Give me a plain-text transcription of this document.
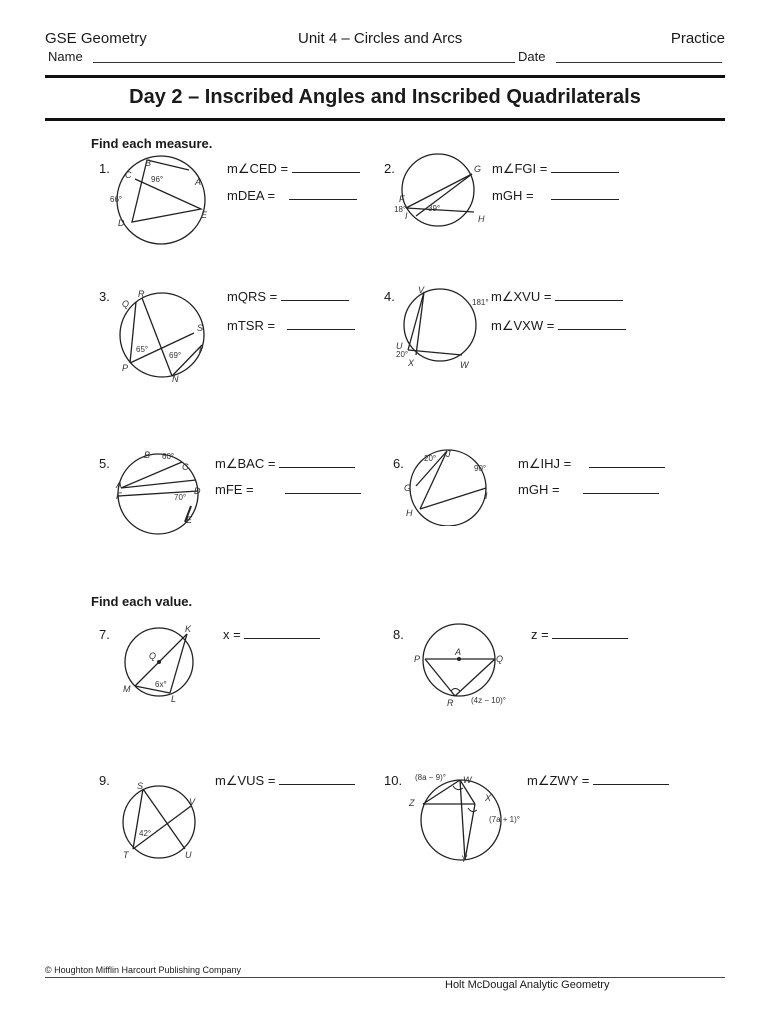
GSE Geometry	Unit 4 – Circles and Arcs	Practice
Name	Date
Day 2 – Inscribed Angles and Inscribed Quadrilaterals
Find each measure.
1.	B
C
A
D
E
96°
66°
m∠CED =
mDEA =
2.	G
F
I	H
18°	39°
m∠FGI =
mGH =
3.	R
Q
S
T
P
N
65°
69°
mQRS =
mTSR =
4.	V
U
X	W
181°
20°
m∠XVU =
m∠VXW =
5.
B
C
A
F	D
E
60°
70°
m∠BAC =
mFE =
6.
J
G
I
H
20°
90° m∠IHJ =
mGH =
Find each value.
7.	K
Q
M
L
6x°
x =	8.
A
P	Q
R (4z − 10)°
z =
9.	S
V
T	U
42°
m∠VUS =	10.	W
X
Z
Y
(8a − 9)°
(7a + 1)°
m∠ZWY =
© Houghton Mifflin Harcourt Publishing Company
Holt McDougal Analytic Geometry
